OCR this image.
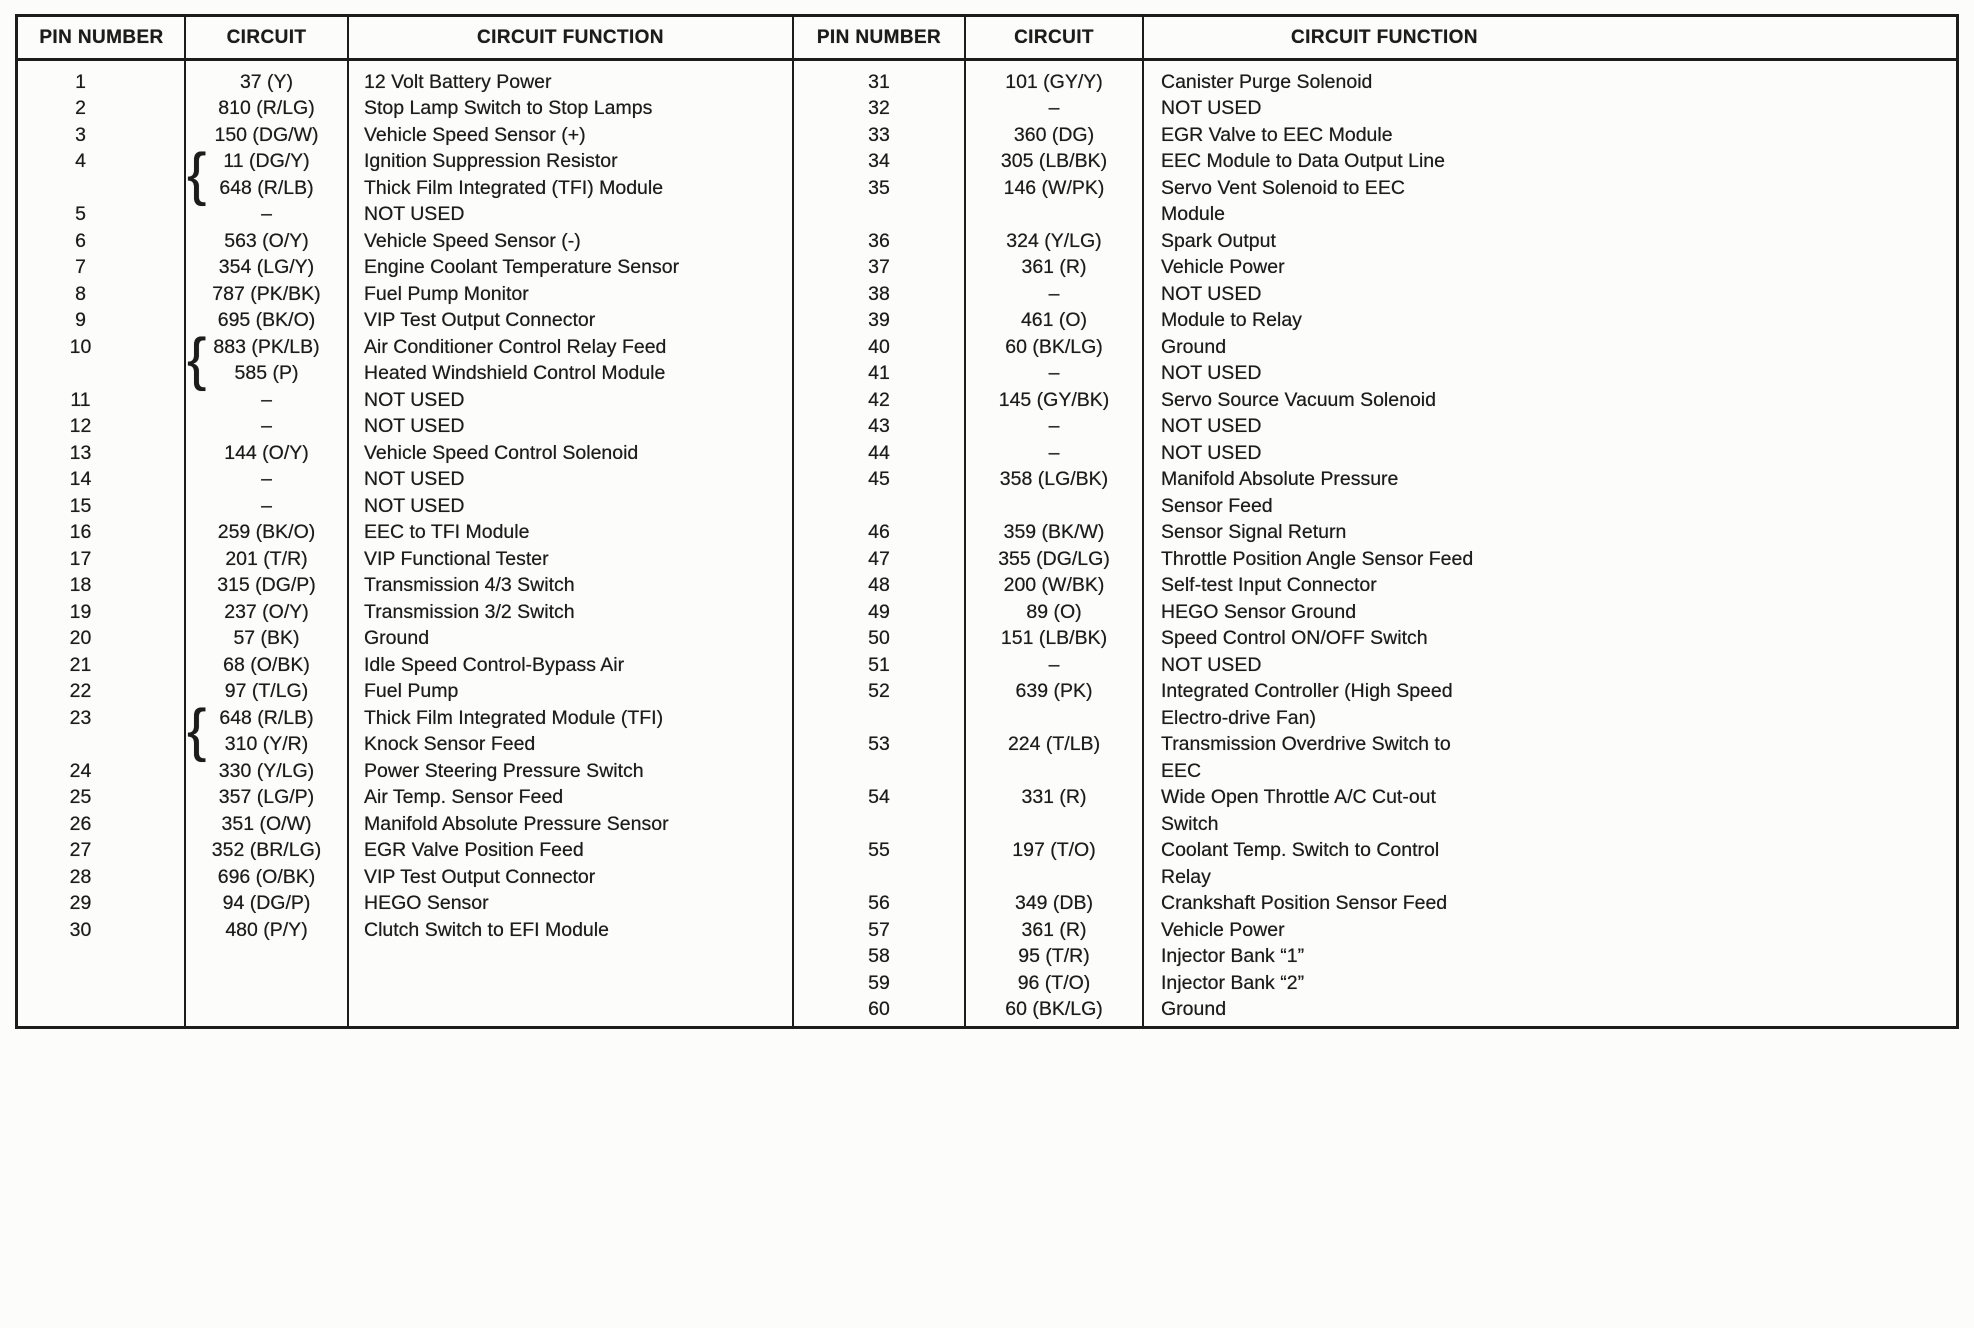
PIN NUMBER	CIRCUIT	CIRCUIT FUNCTION	PIN NUMBER	CIRCUIT	CIRCUIT FUNCTION
1	37 (Y)	12 Volt Battery Power
2	810 (R/LG)	Stop Lamp Switch to Stop Lamps
3	150 (DG/W)	Vehicle Speed Sensor (+)
4	11 (DG/Y)	Ignition Suppression Resistor
648 (R/LB)	Thick Film Integrated (TFI) Module
{
5	–	NOT USED
6	563 (O/Y)	Vehicle Speed Sensor (-)
7	354 (LG/Y)	Engine Coolant Temperature Sensor
8	787 (PK/BK)	Fuel Pump Monitor
9	695 (BK/O)	VIP Test Output Connector
10	883 (PK/LB)	Air Conditioner Control Relay Feed
585 (P)	Heated Windshield Control Module
{
11	–	NOT USED
12	–	NOT USED
13	144 (O/Y)	Vehicle Speed Control Solenoid
14	–	NOT USED
15	–	NOT USED
16	259 (BK/O)	EEC to TFI Module
17	201 (T/R)	VIP Functional Tester
18	315 (DG/P)	Transmission 4/3 Switch
19	237 (O/Y)	Transmission 3/2 Switch
20	57 (BK)	Ground
21	68 (O/BK)	Idle Speed Control-Bypass Air
22	97 (T/LG)	Fuel Pump
23	648 (R/LB)	Thick Film Integrated Module (TFI)
310 (Y/R)	Knock Sensor Feed
{
24	330 (Y/LG)	Power Steering Pressure Switch
25	357 (LG/P)	Air Temp. Sensor Feed
26	351 (O/W)	Manifold Absolute Pressure Sensor
27	352 (BR/LG)	EGR Valve Position Feed
28	696 (O/BK)	VIP Test Output Connector
29	94 (DG/P)	HEGO Sensor
30	480 (P/Y)	Clutch Switch to EFI Module
31	101 (GY/Y)	Canister Purge Solenoid
32	–	NOT USED
33	360 (DG)	EGR Valve to EEC Module
34	305 (LB/BK)	EEC Module to Data Output Line
35	146 (W/PK)	Servo Vent Solenoid to EEC
Module
36	324 (Y/LG)	Spark Output
37	361 (R)	Vehicle Power
38	–	NOT USED
39	461 (O)	Module to Relay
40	60 (BK/LG)	Ground
41	–	NOT USED
42	145 (GY/BK)	Servo Source Vacuum Solenoid
43	–	NOT USED
44	–	NOT USED
45	358 (LG/BK)	Manifold Absolute Pressure
Sensor Feed
46	359 (BK/W)	Sensor Signal Return
47	355 (DG/LG)	Throttle Position Angle Sensor Feed
48	200 (W/BK)	Self-test Input Connector
49	89 (O)	HEGO Sensor Ground
50	151 (LB/BK)	Speed Control ON/OFF Switch
51	–	NOT USED
52	639 (PK)	Integrated Controller (High Speed
Electro-drive Fan)
53	224 (T/LB)	Transmission Overdrive Switch to
EEC
54	331 (R)	Wide Open Throttle A/C Cut-out
Switch
55	197 (T/O)	Coolant Temp. Switch to Control
Relay
56	349 (DB)	Crankshaft Position Sensor Feed
57	361 (R)	Vehicle Power
58	95 (T/R)	Injector Bank “1”
59	96 (T/O)	Injector Bank “2”
60	60 (BK/LG)	Ground
